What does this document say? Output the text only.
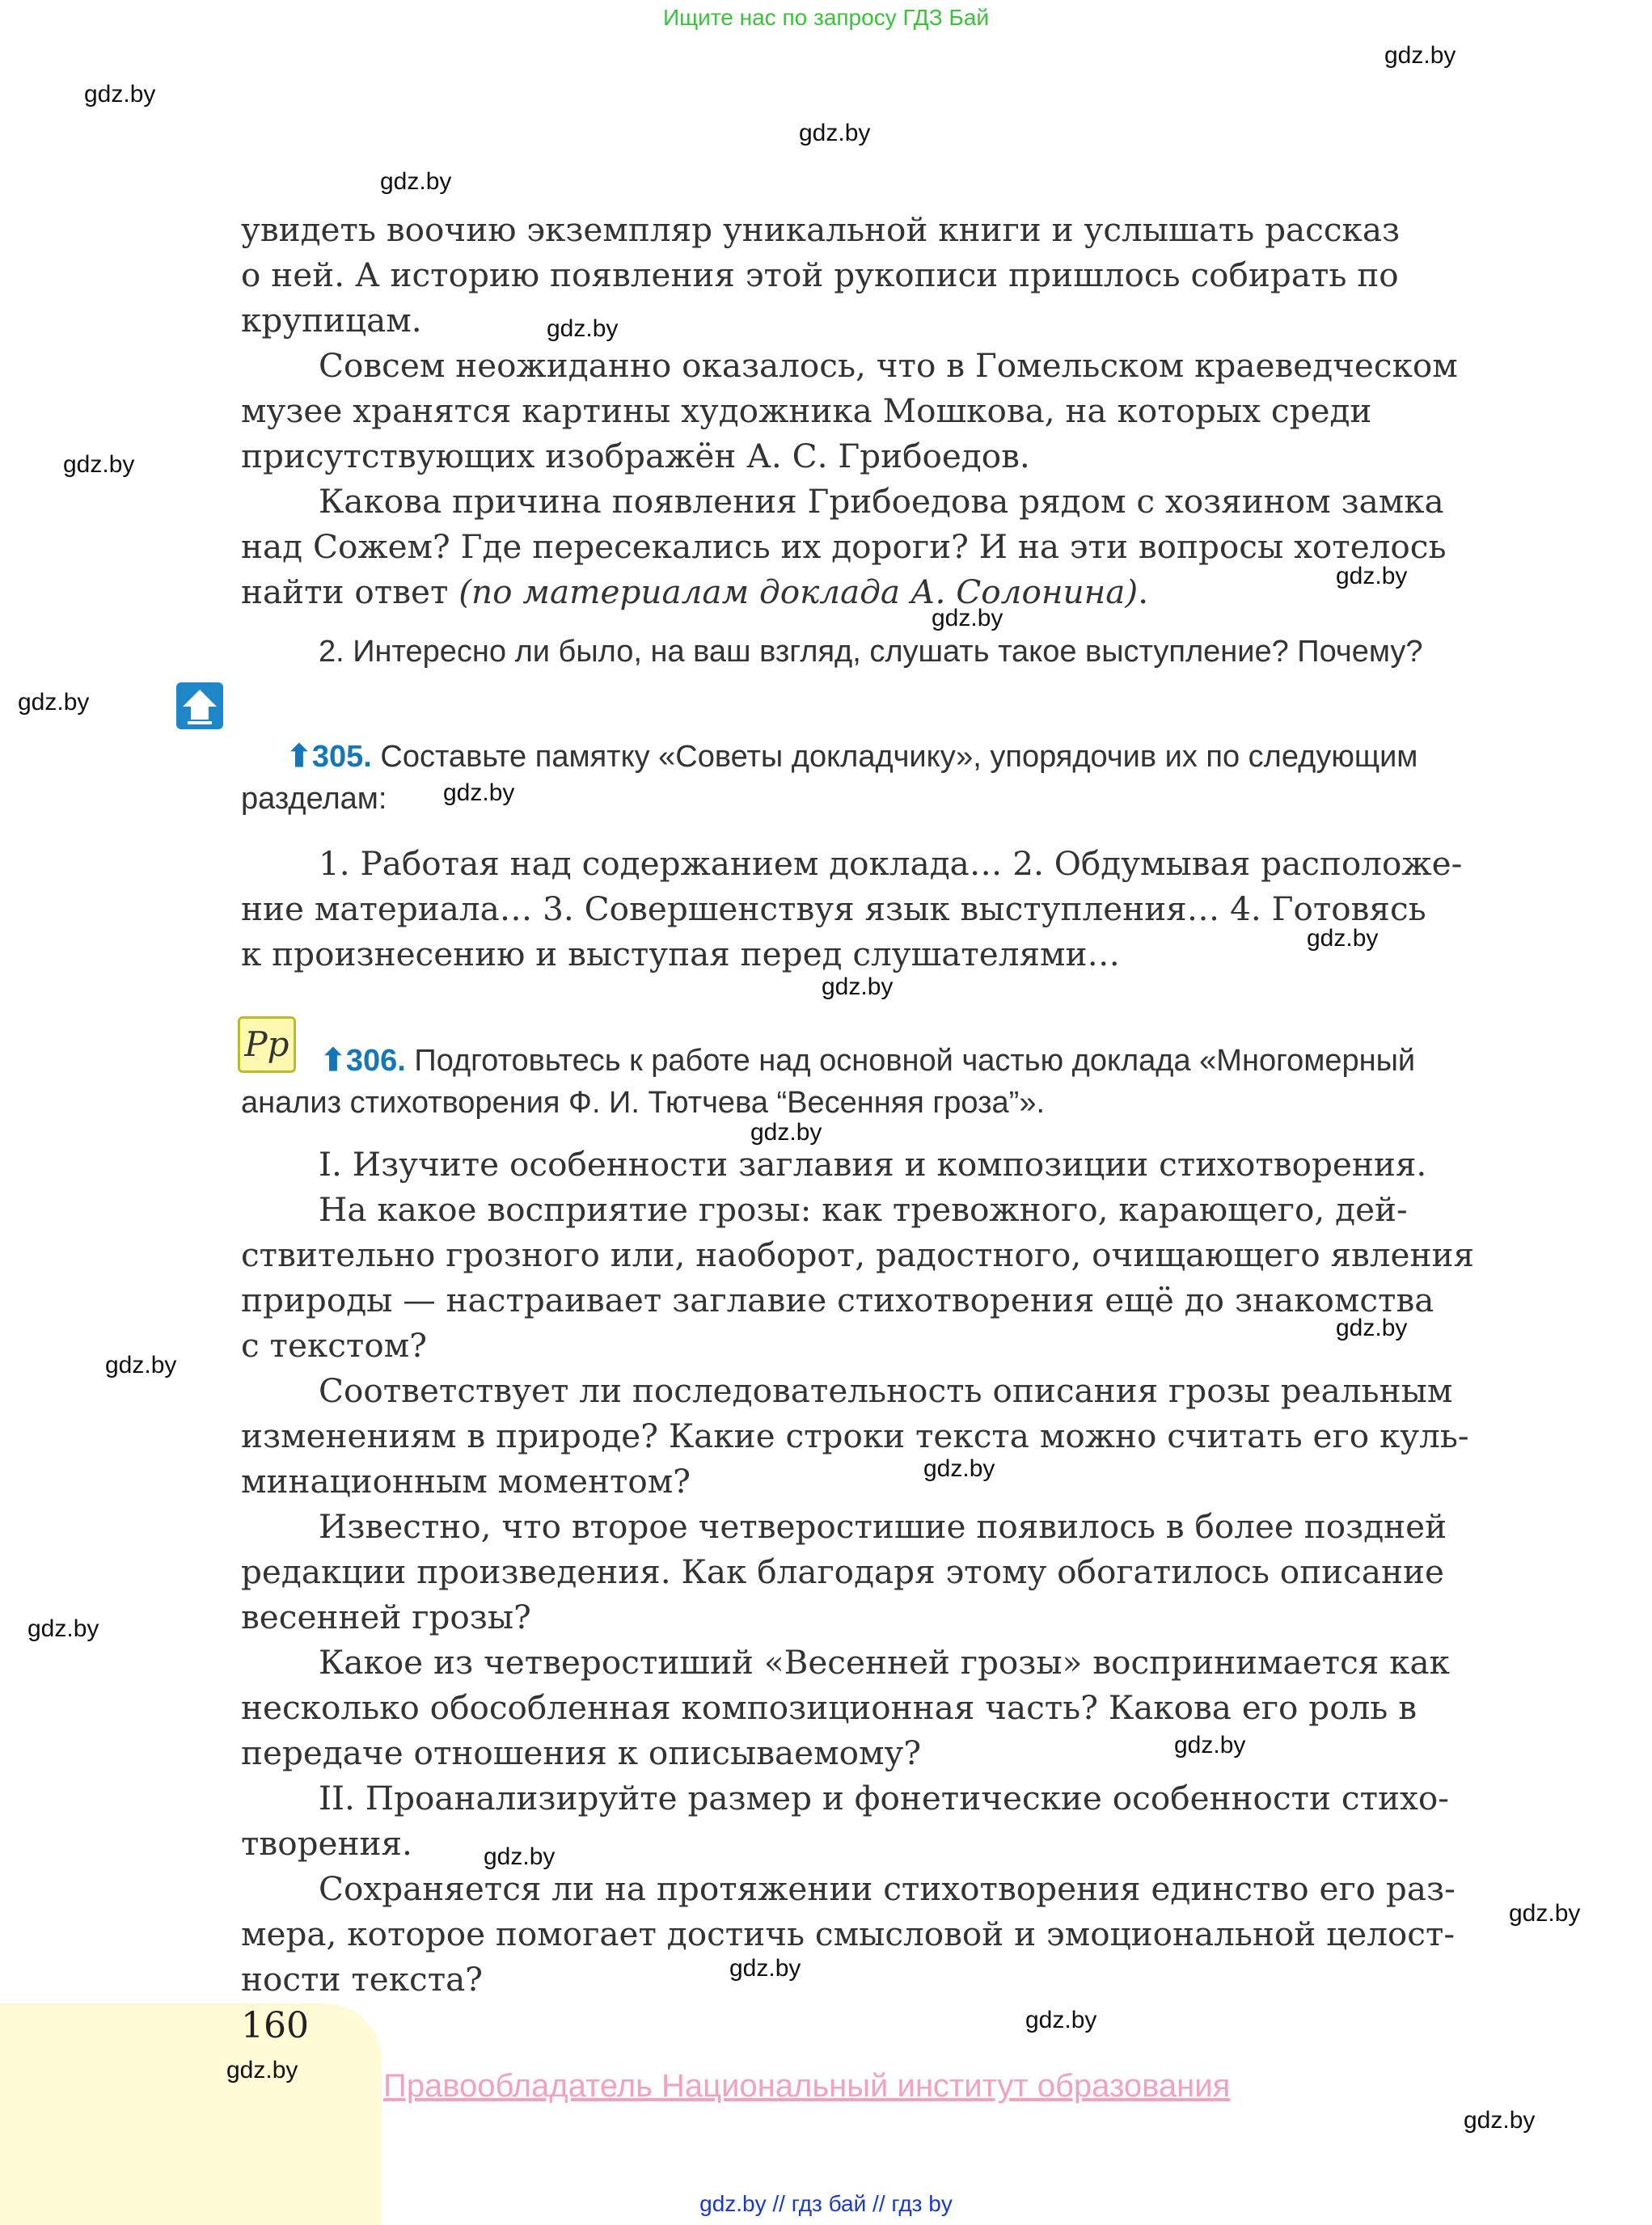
Ищите нас по запросу ГДЗ Бай
gdz.by
gdz.by
gdz.by
gdz.by
gdz.by
gdz.by
gdz.by
gdz.by
gdz.by
gdz.by
gdz.by
gdz.by
gdz.by
gdz.by
gdz.by
gdz.by
gdz.by
gdz.by
gdz.by
gdz.by
gdz.by
gdz.by
gdz.by
увидеть воочию экземпляр уникальной книги и услышать рассказ
о ней. А историю появления этой рукописи пришлось собирать по
крупицам.
Совсем неожиданно оказалось, что в Гомельском краеведческом
музее хранятся картины художника Мошкова, на которых среди
присутствующих изображён А. С. Грибоедов.
Какова причина появления Грибоедова рядом с хозяином замка
над Сожем? Где пересекались их дороги? И на эти вопросы хотелось
найти ответ (по материалам доклада А. Солонина).
2. Интересно ли было, на ваш взгляд, слушать такое выступление? Почему?
⬆305. Составьте памятку «Советы докладчику», упорядочив их по следующим
разделам:
1. Работая над содержанием доклада… 2. Обдумывая расположе-
ние материала… 3. Совершенствуя язык выступления… 4. Готовясь
к произнесению и выступая перед слушателями…
Pp ⬆306. Подготовьтесь к работе над основной частью доклада «Многомерный
анализ стихотворения Ф. И. Тютчева “Весенняя гроза”».
I. Изучите особенности заглавия и композиции стихотворения.
На какое восприятие грозы: как тревожного, карающего, дей-
ствительно грозного или, наоборот, радостного, очищающего явления
природы — настраивает заглавие стихотворения ещё до знакомства
с текстом?
Соответствует ли последовательность описания грозы реальным
изменениям в природе? Какие строки текста можно считать его куль-
минационным моментом?
Известно, что второе четверостишие появилось в более поздней
редакции произведения. Как благодаря этому обогатилось описание
весенней грозы?
Какое из четверостиший «Весенней грозы» воспринимается как
несколько обособленная композиционная часть? Какова его роль в
передаче отношения к описываемому?
II. Проанализируйте размер и фонетические особенности стихо-
творения.
Сохраняется ли на протяжении стихотворения единство его раз-
мера, которое помогает достичь смысловой и эмоциональной целост-
ности текста?
160
gdz.by	Правообладатель Национальный институт образования
gdz.by // гдз бай // гдз by
